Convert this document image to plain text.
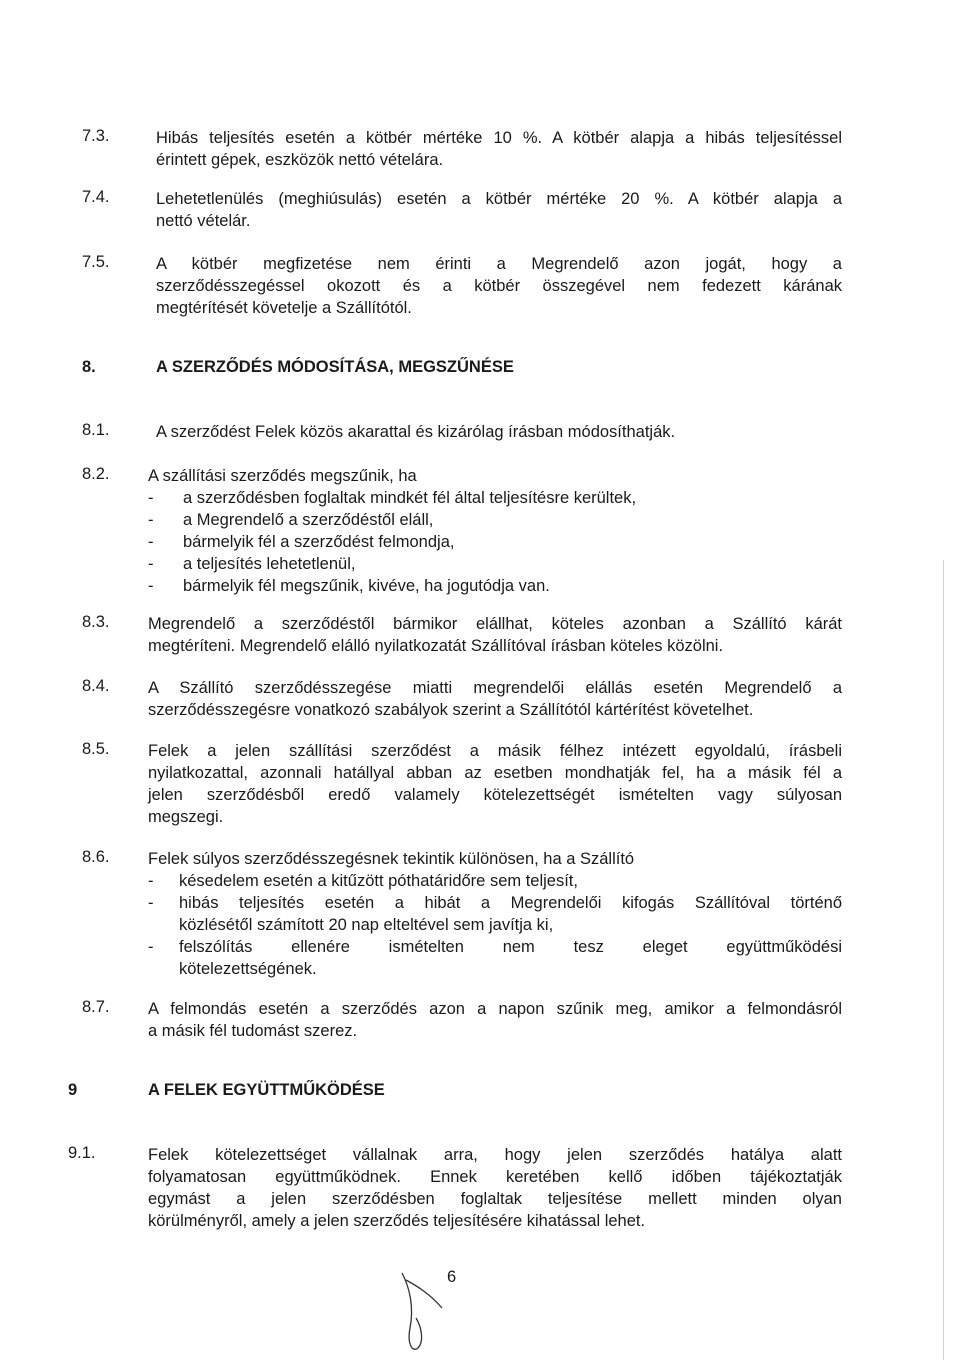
7.3.	Hibás teljesítés esetén a kötbér mértéke 10 %. A kötbér alapja a hibás teljesítéssel
érintett gépek, eszközök nettó vételára.
7.4.	Lehetetlenülés (meghiúsulás) esetén a kötbér mértéke 20 %. A kötbér alapja a
nettó vételár.
7.5.	A kötbér megfizetése nem érinti a Megrendelő azon jogát, hogy a
szerződésszegéssel okozott és a kötbér összegével nem fedezett kárának
megtérítését követelje a Szállítótól.
8.	A SZERZŐDÉS MÓDOSÍTÁSA, MEGSZŰNÉSE
8.1.	A szerződést Felek közös akarattal és kizárólag írásban módosíthatják.
8.2. A szállítási szerződés megszűnik, ha
- a szerződésben foglaltak mindkét fél által teljesítésre kerültek,
- a Megrendelő a szerződéstől eláll,
- bármelyik fél a szerződést felmondja,
- a teljesítés lehetetlenül,
- bármelyik fél megszűnik, kivéve, ha jogutódja van.
8.3. Megrendelő a szerződéstől bármikor elállhat, köteles azonban a Szállító kárát
megtéríteni. Megrendelő elálló nyilatkozatát Szállítóval írásban köteles közölni.
8.4. A Szállító szerződésszegése miatti megrendelői elállás esetén Megrendelő a
szerződésszegésre vonatkozó szabályok szerint a Szállítótól kártérítést követelhet.
8.5. Felek a jelen szállítási szerződést a másik félhez intézett egyoldalú, írásbeli
nyilatkozattal, azonnali hatállyal abban az esetben mondhatják fel, ha a másik fél a
jelen szerződésből eredő valamely kötelezettségét ismételten vagy súlyosan
megszegi.
8.6. Felek súlyos szerződésszegésnek tekintik különösen, ha a Szállító
- késedelem esetén a kitűzött póthatáridőre sem teljesít,
- hibás teljesítés esetén a hibát a Megrendelői kifogás Szállítóval történő
közlésétől számított 20 nap elteltével sem javítja ki,
- felszólítás ellenére ismételten nem tesz eleget együttműködési
kötelezettségének.
8.7. A felmondás esetén a szerződés azon a napon szűnik meg, amikor a felmondásról
a másik fél tudomást szerez.
9	A FELEK EGYÜTTMŰKÖDÉSE
9.1.	Felek kötelezettséget vállalnak arra, hogy jelen szerződés hatálya alatt
folyamatosan együttműködnek. Ennek keretében kellő időben tájékoztatják
egymást a jelen szerződésben foglaltak teljesítése mellett minden olyan
körülményről, amely a jelen szerződés teljesítésére kihatással lehet.
6
